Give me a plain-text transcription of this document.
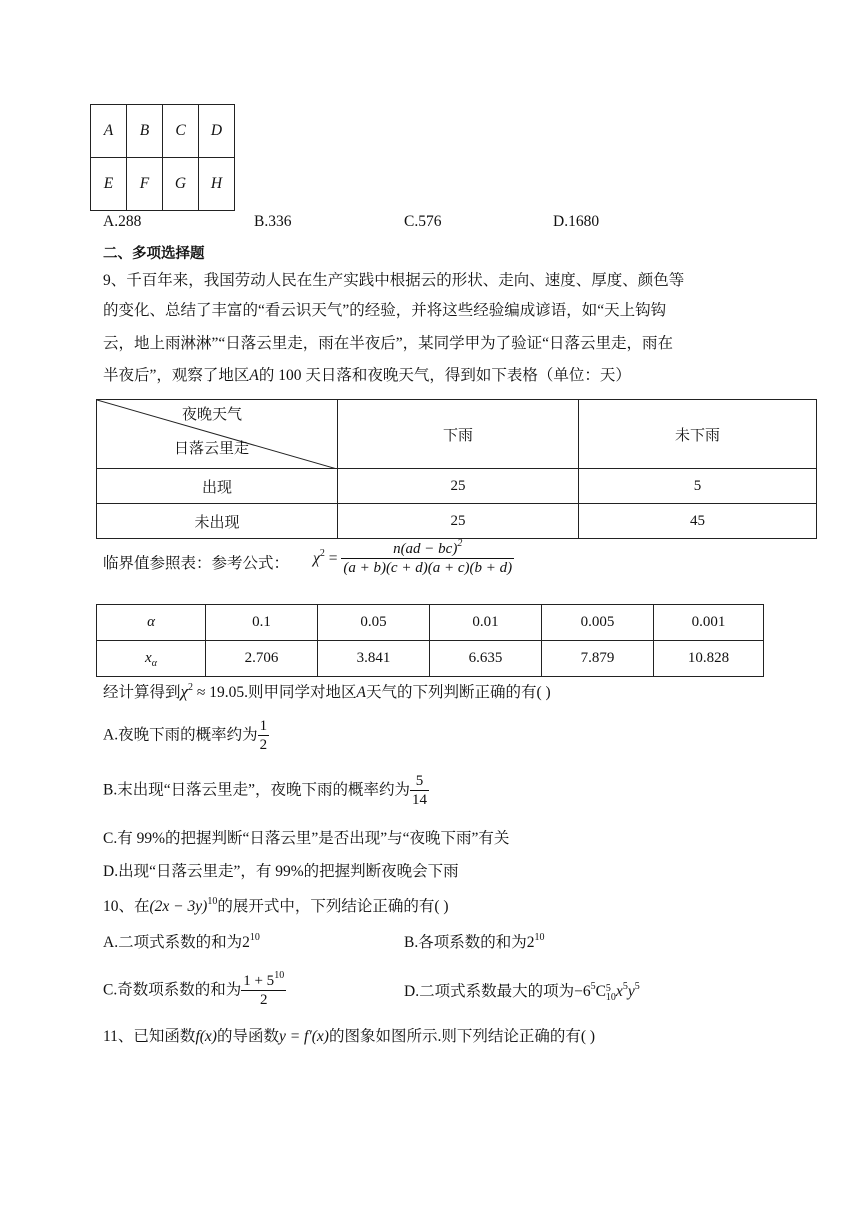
A	B	C	D
E	F	G	H
A.288	B.336	C.576	D.1680
二、多项选择题
9、千百年来，我国劳动人民在生产实践中根据云的形状、走向、速度、厚度、颜色等
的变化、总结了丰富的“看云识天气”的经验，并将这些经验编成谚语，如“天上钩钩
云，地上雨淋淋”“日落云里走，雨在半夜后”，某同学甲为了验证“日落云里走，雨在
半夜后”，观察了地区A的 100 天日落和夜晚天气，得到如下表格（单位：天）
夜晚天气
日落云里走	下雨	未下雨
出现	25	5
未出现	25	45
临界值参照表：参考公式： $\chi^2 = \frac{n(ad - bc)^2}{(a + b)(c + d)(a + c)(b + d)}$
α	0.1	0.05	0.01	0.005	0.001
$x_\alpha$	2.706	3.841	6.635	7.879	10.828
经计算得到$\chi^2 \approx 19.05$.则甲同学对地区A天气的下列判断正确的有( )
A.夜晚下雨的概率约为 $\frac{1}{2}$
B.末出现“日落云里走”，夜晚下雨的概率约为 $\frac{5}{14}$
C.有 99%的把握判断“日落云里”是否出现”与“夜晚下雨”有关
D.出现“日落云里走”，有 99%的把握判断夜晚会下雨
10、在$(2x - 3y)^{10}$的展开式中，下列结论正确的有( )
A.二项式系数的和为$2^{10}$	B.各项系数的和为$2^{10}$
C.奇数项系数的和为 $\frac{1 + 5^{10}}{2}$	D.二项式系数最大的项为$-6^5C$ 5
10 $x^5y^5$
11、已知函数f(x)的导函数y = f′(x)的图象如图所示.则下列结论正确的有( )
